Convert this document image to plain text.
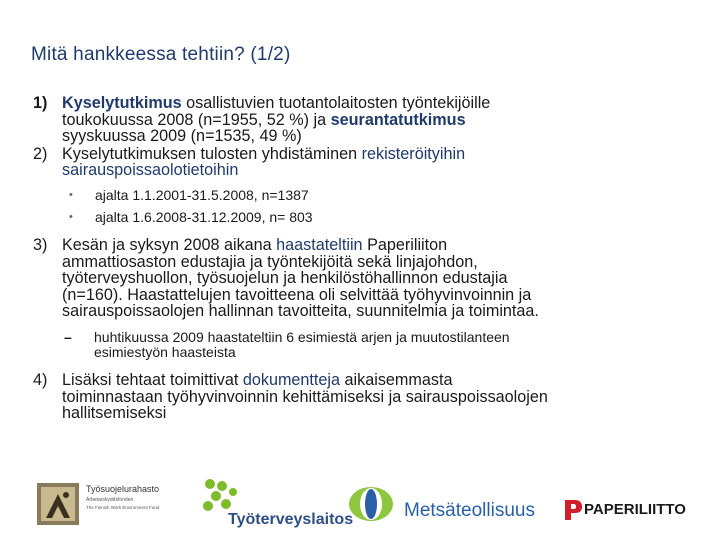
Mitä hankkeessa tehtiin? (1/2)
1) Kyselytutkimus osallistuvien tuotantolaitosten työntekijöille
toukokuussa 2008 (n=1955, 52 %) ja seurantatutkimus
syyskuussa 2009 (n=1535, 49 %)
2) Kyselytutkimuksen tulosten yhdistäminen rekisteröityihin
sairauspoissaolotietoihin
•	ajalta 1.1.2001-31.5.2008, n=1387
•	ajalta 1.6.2008-31.12.2009, n= 803
3) Kesän ja syksyn 2008 aikana haastateltiin Paperiliiton
ammattiosaston edustajia ja työntekijöitä sekä linjajohdon,
työterveyshuollon, työsuojelun ja henkilöstöhallinnon edustajia
(n=160). Haastattelujen tavoitteena oli selvittää työhyvinvoinnin ja
sairauspoissaolojen hallinnan tavoitteita, suunnitelmia ja toimintaa.
–	huhtikuussa 2009 haastateltiin 6 esimiestä arjen ja muutostilanteen
esimiestyön haasteista
4) Lisäksi tehtaat toimittivat dokumentteja aikaisemmasta
toiminnastaan työhyvinvoinnin kehittämiseksi ja sairauspoissaolojen
hallitsemiseksi
Työsuojelurahasto
Arbetarskyddsfonden
The Finnish Work Environment Fund
Työterveyslaitos	Metsäteollisuus	PAPERILIITTO
